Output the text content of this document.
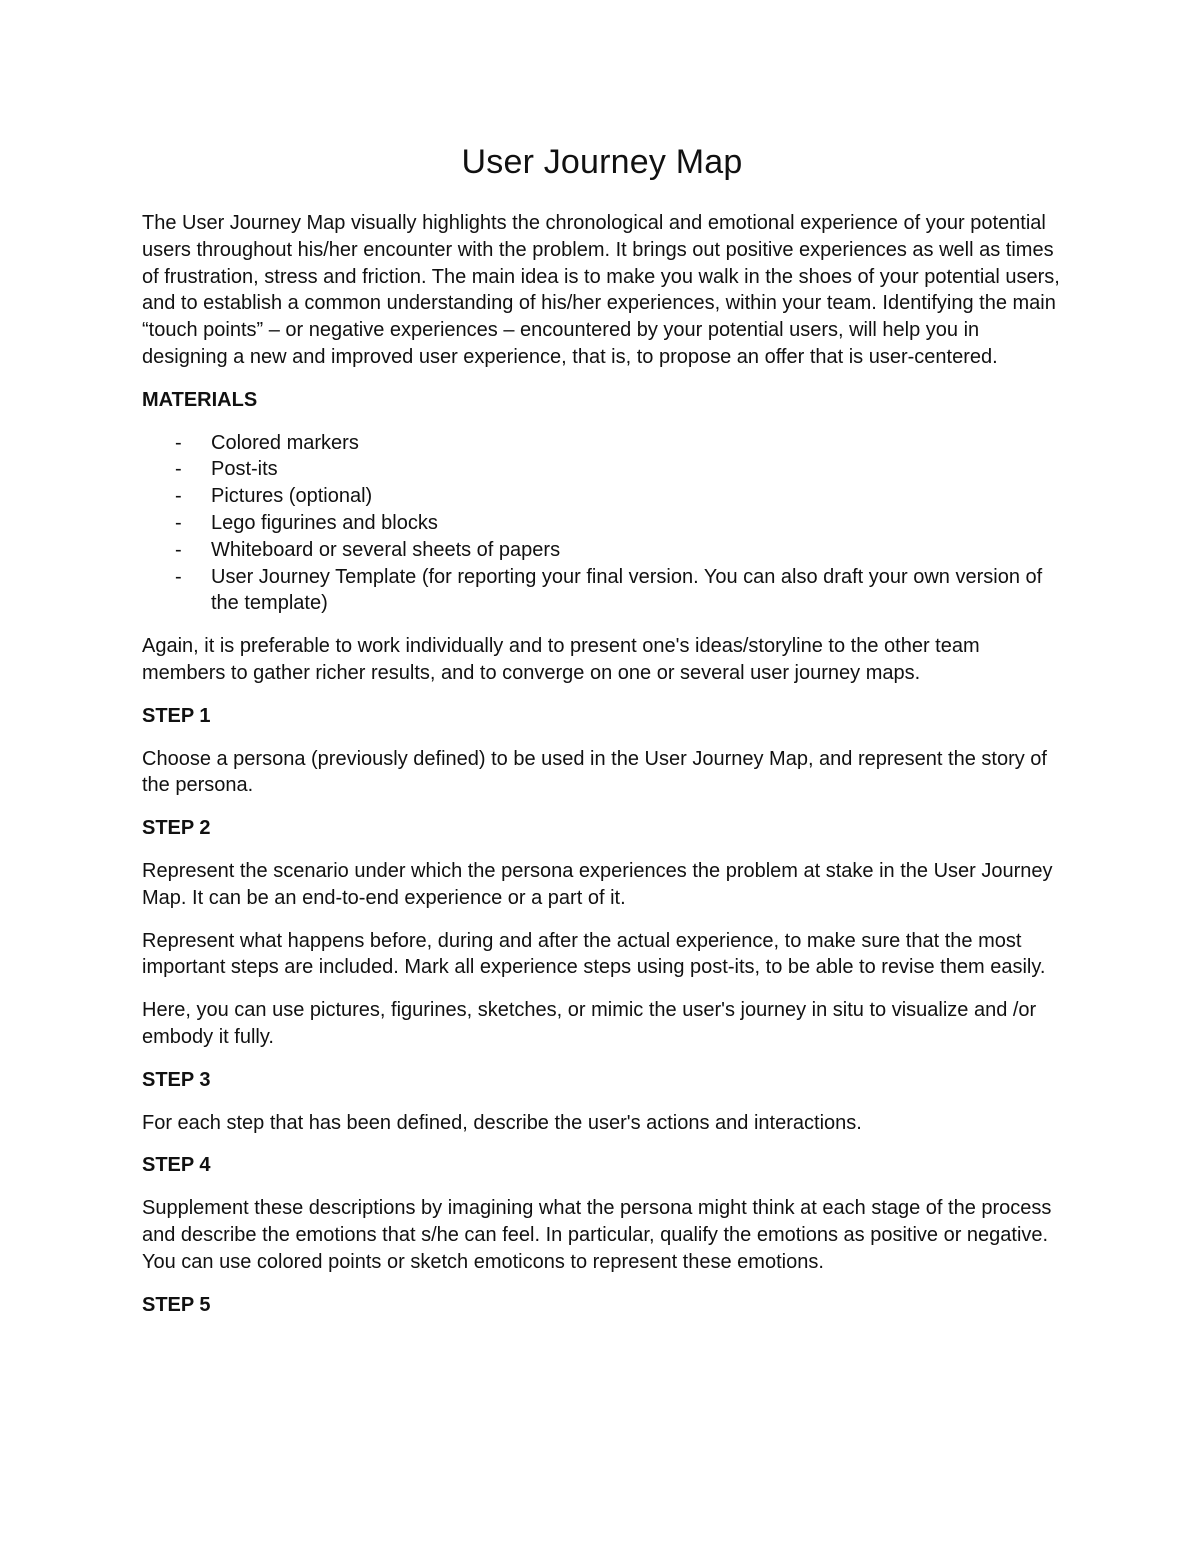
User Journey Map

The User Journey Map visually highlights the chronological and emotional experience of your potential users throughout his/her encounter with the problem. It brings out positive experiences as well as times of frustration, stress and friction. The main idea is to make you walk in the shoes of your potential users, and to establish a common understanding of his/her experiences, within your team. Identifying the main “touch points” – or negative experiences – encountered by your potential users, will help you in designing a new and improved user experience, that is, to propose an offer that is user-centered.

MATERIALS

- Colored markers
- Post-its
- Pictures (optional)
- Lego figurines and blocks
- Whiteboard or several sheets of papers
- User Journey Template (for reporting your final version. You can also draft your own version of the template)

Again, it is preferable to work individually and to present one's ideas/storyline to the other team members to gather richer results, and to converge on one or several user journey maps.

STEP 1

Choose a persona (previously defined) to be used in the User Journey Map, and represent the story of the persona.

STEP 2

Represent the scenario under which the persona experiences the problem at stake in the User Journey Map. It can be an end-to-end experience or a part of it.

Represent what happens before, during and after the actual experience, to make sure that the most important steps are included. Mark all experience steps using post-its, to be able to revise them easily.

Here, you can use pictures, figurines, sketches, or mimic the user's journey in situ to visualize and /or embody it fully.

STEP 3

For each step that has been defined, describe the user's actions and interactions.

STEP 4

Supplement these descriptions by imagining what the persona might think at each stage of the process and describe the emotions that s/he can feel. In particular, qualify the emotions as positive or negative. You can use colored points or sketch emoticons to represent these emotions.

STEP 5
